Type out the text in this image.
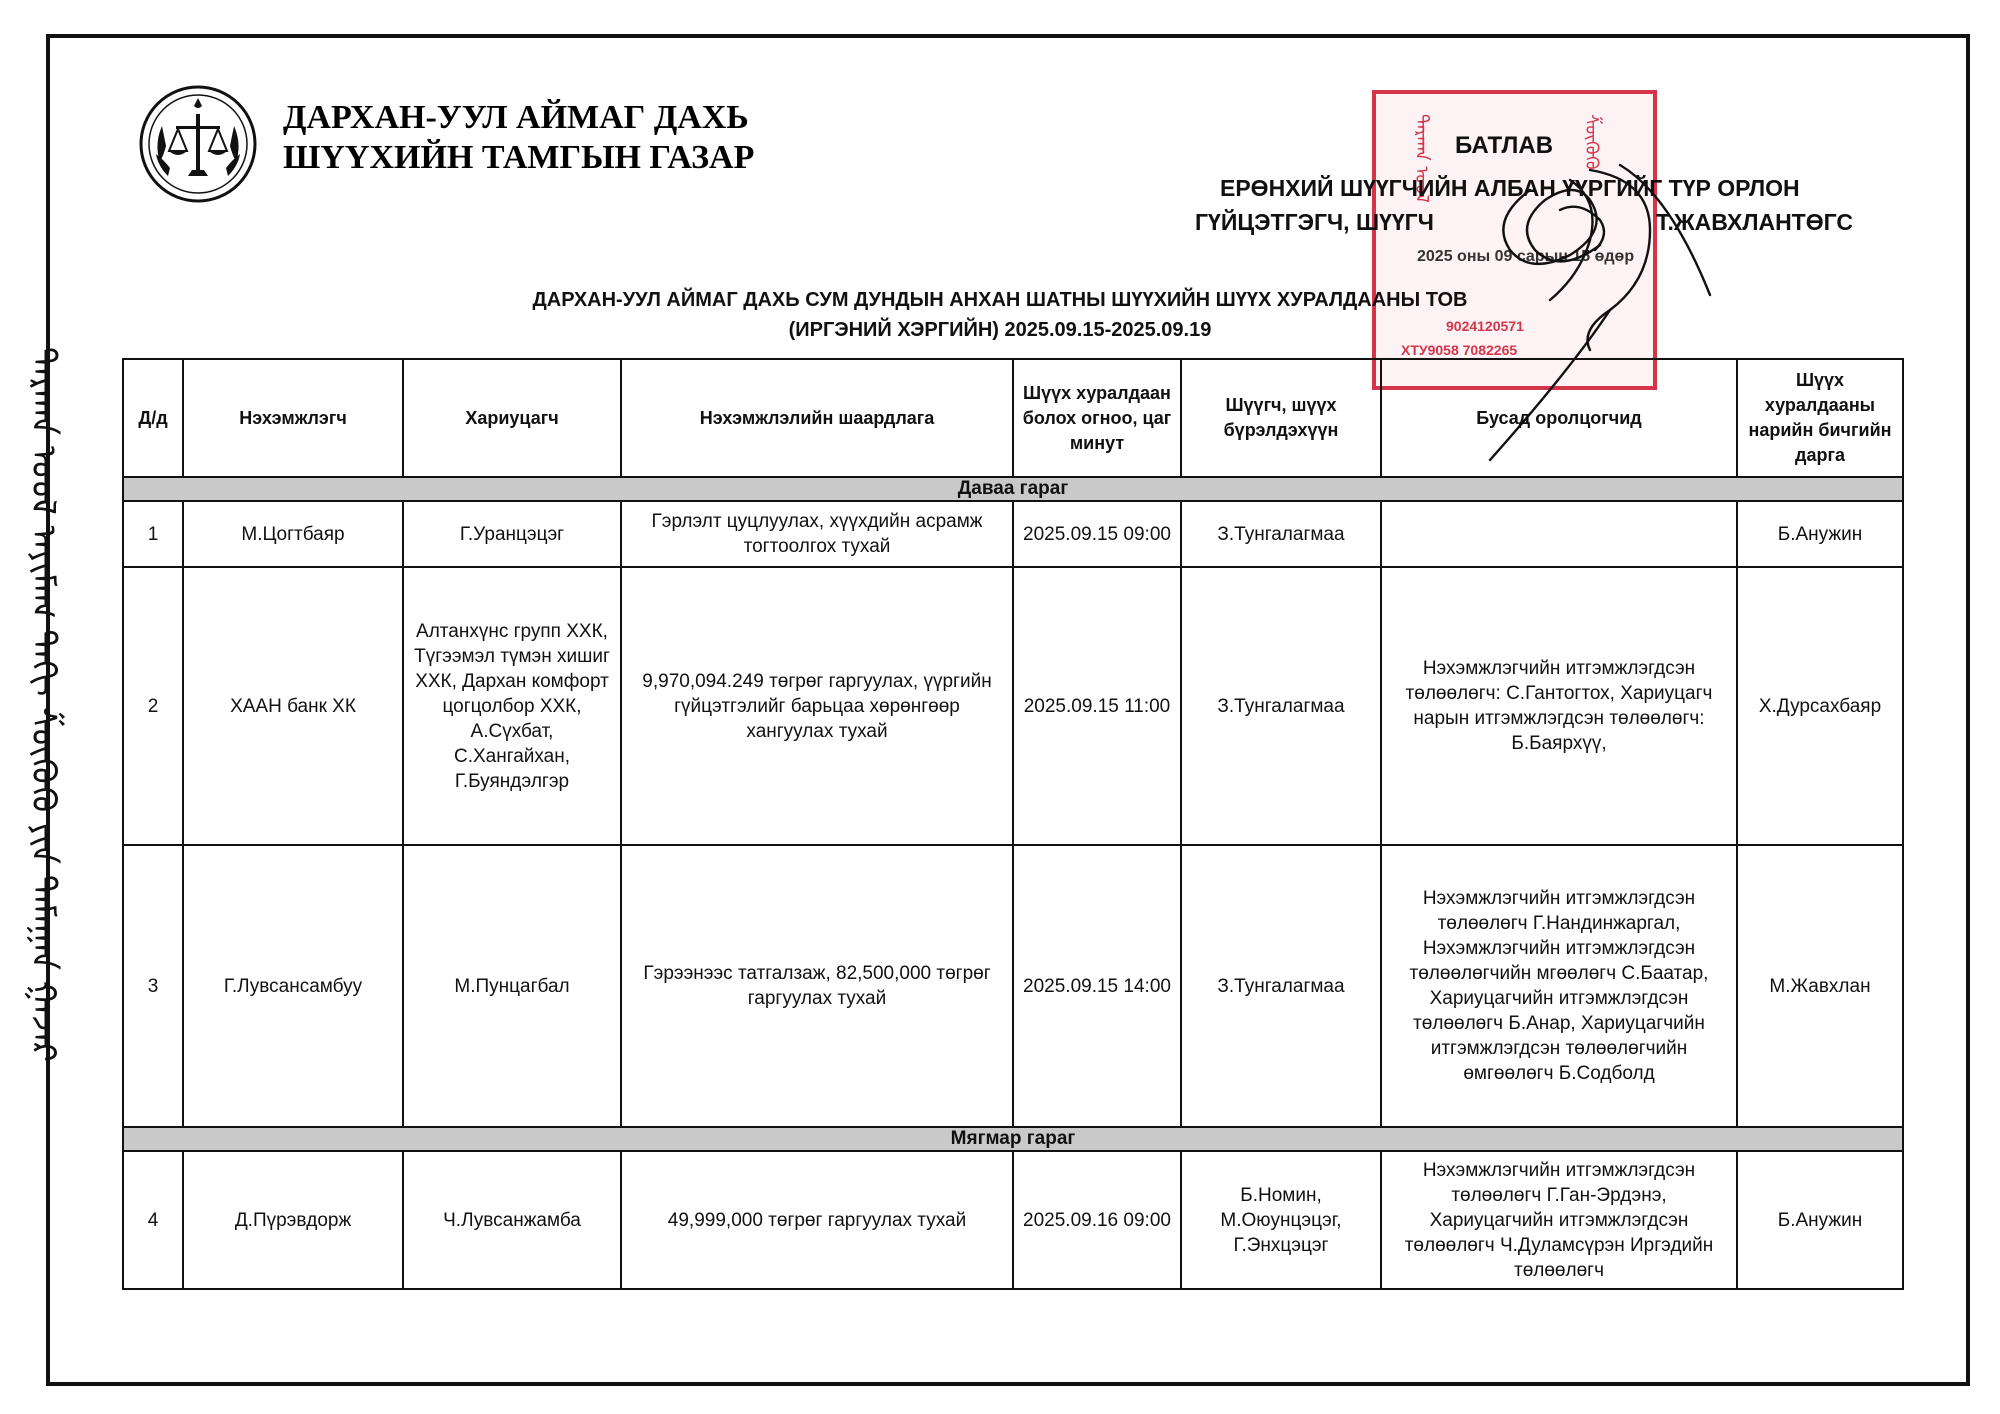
ᠳᠠᠷᠬᠠᠨ ᠤᠤᠯ ᠠᠶᠢᠮᠠᠭ ᠲᠠᠬᠢ ᠱᠦᠭᠦᠬᠦ ᠶᠢᠨ ᠲᠠᠮᠠᠭᠠᠨ ᠭᠠᠵᠠᠷ
ДАРХАН-УУЛ АЙМАГ ДАХЬ
ШҮҮХИЙН ТАМГЫН ГАЗАР	ᠳᠠᠷᠬᠠᠨ ᠤᠤᠯ	ᠱᠦᠭᠦᠬᠦ
9024120571
ХТУ9058 7082265
БАТЛАВ
ЕРӨНХИЙ ШҮҮГЧИЙН АЛБАН ҮҮРГИЙГ ТҮР ОРЛОН
ГҮЙЦЭТГЭГЧ, ШҮҮГЧ	Т.ЖАВХЛАНТӨГС
2025 оны 09 сарын 15 өдөр
ДАРХАН-УУЛ АЙМАГ ДАХЬ СУМ ДУНДЫН АНХАН ШАТНЫ ШҮҮХИЙН ШҮҮХ ХУРАЛДААНЫ ТОВ
(ИРГЭНИЙ ХЭРГИЙН) 2025.09.15-2025.09.19
Д/д	Нэхэмжлэгч	Хариуцагч	Нэхэмжлэлийн шаардлага	Шүүх хуралдаан болох огноо, цаг минут	Шүүгч, шүүх бүрэлдэхүүн	Бусад оролцогчид	Шүүх хуралдааны нарийн бичгийн дарга
Даваа гараг							
1	М.Цогтбаяр	Г.Уранцэцэг	Гэрлэлт цуцлуулах, хүүхдийн асрамж тогтоолгох тухай	2025.09.15 09:00	З.Тунгалагмаа		Б.Анужин
2	ХААН банк ХК	Алтанхүнс групп ХХК, Түгээмэл түмэн хишиг ХХК, Дархан комфорт цогцолбор ХХК, А.Сүхбат, С.Хангайхан, Г.Буяндэлгэр	9,970,094.249 төгрөг гаргуулах, үүргийн гүйцэтгэлийг барьцаа хөрөнгөөр хангуулах тухай	2025.09.15 11:00	З.Тунгалагмаа	Нэхэмжлэгчийн итгэмжлэгдсэн төлөөлөгч: С.Гантогтох, Хариуцагч нарын итгэмжлэгдсэн төлөөлөгч: Б.Баярхүү,	Х.Дурсахбаяр
3	Г.Лувсансамбуу	М.Пунцагбал	Гэрээнээс татгалзаж, 82,500,000 төгрөг гаргуулах тухай	2025.09.15 14:00	З.Тунгалагмаа	Нэхэмжлэгчийн итгэмжлэгдсэн төлөөлөгч Г.Нандинжаргал, Нэхэмжлэгчийн итгэмжлэгдсэн төлөөлөгчийн мгөөлөгч С.Баатар, Хариуцагчийн итгэмжлэгдсэн төлөөлөгч Б.Анар, Хариуцагчийн итгэмжлэгдсэн төлөөлөгчийн өмгөөлөгч Б.Содболд	М.Жавхлан
Мягмар гараг							
4	Д.Пүрэвдорж	Ч.Лувсанжамба	49,999,000 төгрөг гаргуулах тухай	2025.09.16 09:00	Б.Номин, М.Оюунцэцэг, Г.Энхцэцэг	Нэхэмжлэгчийн итгэмжлэгдсэн төлөөлөгч Г.Ган-Эрдэнэ, Хариуцагчийн итгэмжлэгдсэн төлөөлөгч Ч.Дуламсүрэн Иргэдийн төлөөлөгч	Б.Анужин
